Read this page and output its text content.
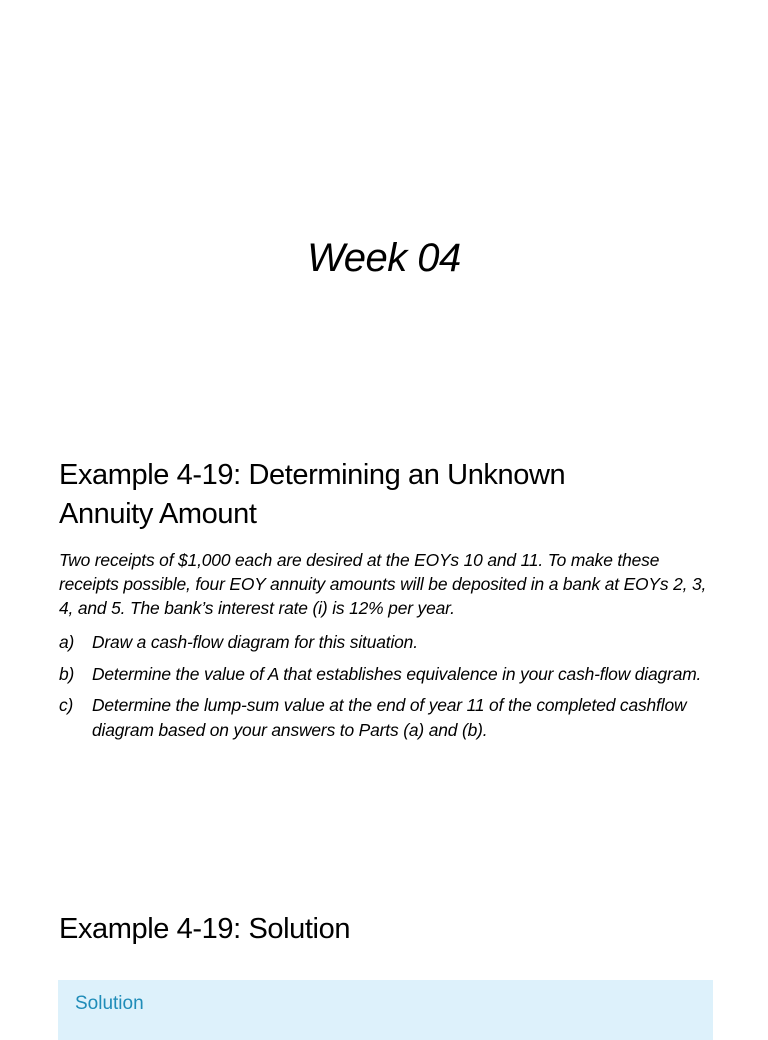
Week 04
Example 4-19: Determining an Unknown
Annuity Amount

Two receipts of $1,000 each are desired at the EOYs 10 and 11. To make these receipts possible, four EOY annuity amounts will be deposited in a bank at EOYs 2, 3, 4, and 5. The bank’s interest rate (i) is 12% per year.

a)	Draw a cash-flow diagram for this situation.
b)	Determine the value of A that establishes equivalence in your cash-flow diagram.
c)	Determine the lump-sum value at the end of year 11 of the completed cashflow diagram based on your answers to Parts (a) and (b).
Example 4-19: Solution
Solution
